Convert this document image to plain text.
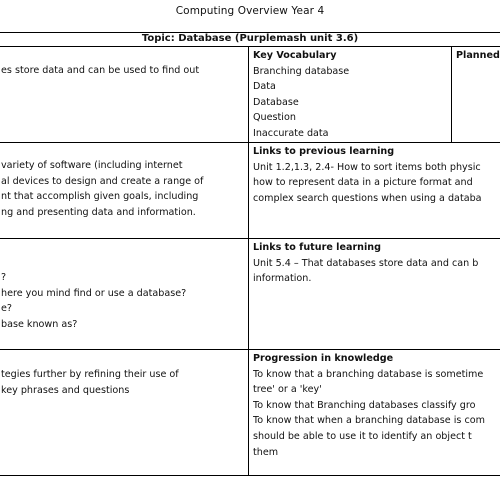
Computing Overview Year 4
Topic: Database (Purplemash unit 3.6)
es store data and can be used to find out
variety of software (including internet
al devices to design and create a range of
nt that accomplish given goals, including
ng and presenting data and information.
?
here you mind find or use a database?
e?
base known as?
tegies further by refining their use of
key phrases and questions
Key Vocabulary
Branching database
Data
Database
Question
Inaccurate data
Planned
Links to previous learning
Unit 1.2,1.3, 2.4- How to sort items both physic
how to represent data in a picture format and
complex search questions when using a databa
Links to future learning
Unit 5.4 – That databases store data and can b
information.
Progression in knowledge
To know that a branching database is sometime
tree' or a 'key'
To know that Branching databases classify gro
To know that when a branching database is com
should be able to use it to identify an object t
them
